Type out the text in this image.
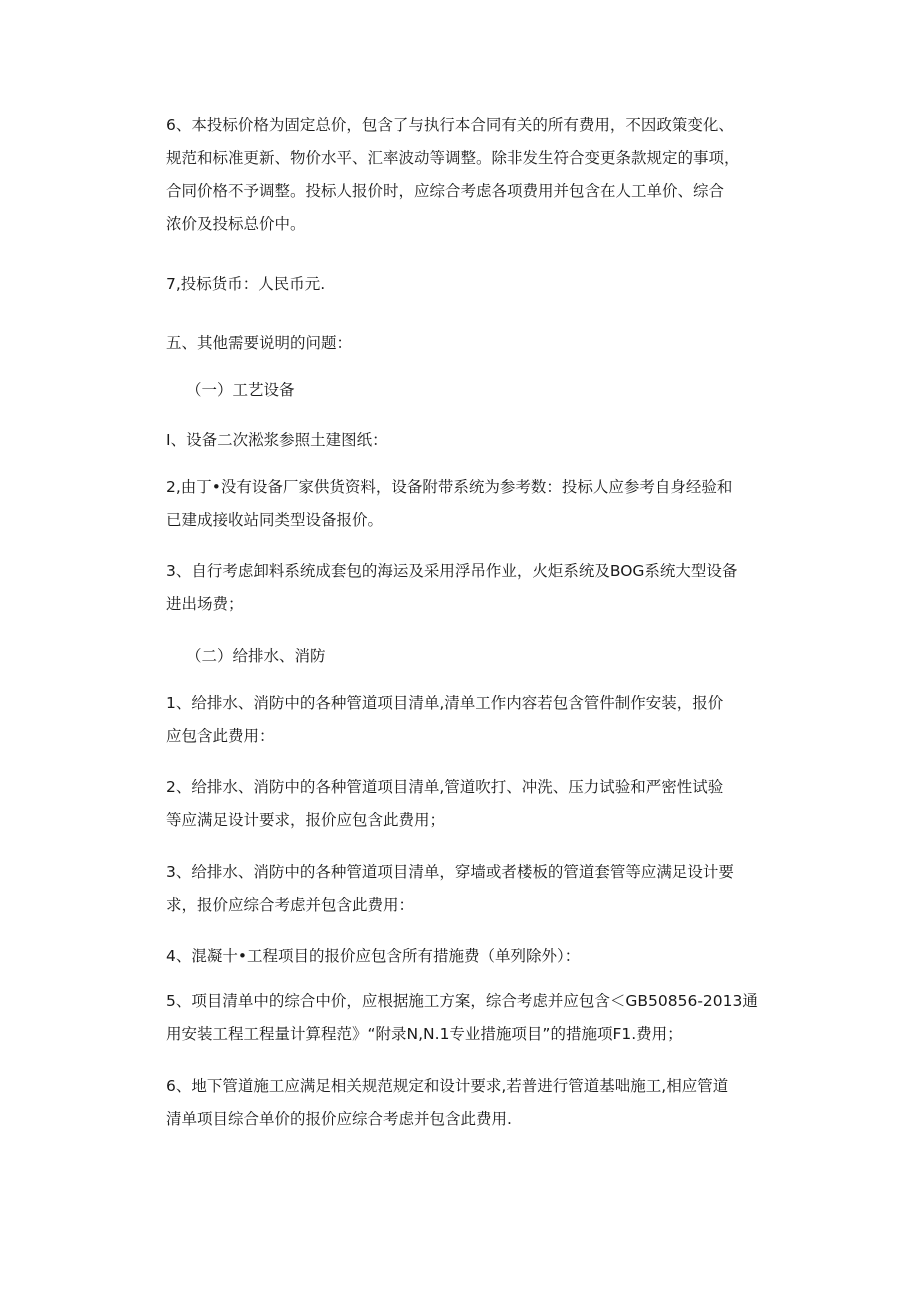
6、本投标价格为固定总价，包含了与执行本合同有关的所有费用，不因政策变化、
规范和标准更新、物价水平、汇率波动等调整。除非发生符合变更条款规定的事项，
合同价格不予调整。投标人报价时，应综合考虑各项费用并包含在人工单价、综合
浓价及投标总价中。
7,投标货币：人民币元.
五、其他需要说明的问题：
（一）工艺设备
I、设备二次淞浆参照土建图纸：
2,由丁•没有设备厂家供货资料，设备附带系统为参考数：投标人应参考自身经验和
已建成接收站同类型设备报价。
3、自行考虑卸料系统成套包的海运及采用浮吊作业，火炬系统及BOG系统大型设备
进出场费；
（二）给排水、消防
1、给排水、消防中的各种管道项目清单,清单工作内容若包含管件制作安装，报价
应包含此费用：
2、给排水、消防中的各种管道项目清单,管道吹打、冲洗、压力试验和严密性试验
等应满足设计要求，报价应包含此费用；
3、给排水、消防中的各种管道项目清单，穿墙或者楼板的管道套管等应满足设计要
求，报价应综合考虑并包含此费用：
4、混凝十•工程项目的报价应包含所有措施费（单列除外）：
5、项目清单中的综合中价，应根据施工方案，综合考虑并应包含＜GB50856-2013通
用安装工程工程量计算程范》“附录N,N.1专业措施项目”的措施项F1.费用；
6、地下管道施工应满足相关规范规定和设计要求,若普进行管道基咄施工,相应管道
清单项目综合单价的报价应综合考虑并包含此费用.
